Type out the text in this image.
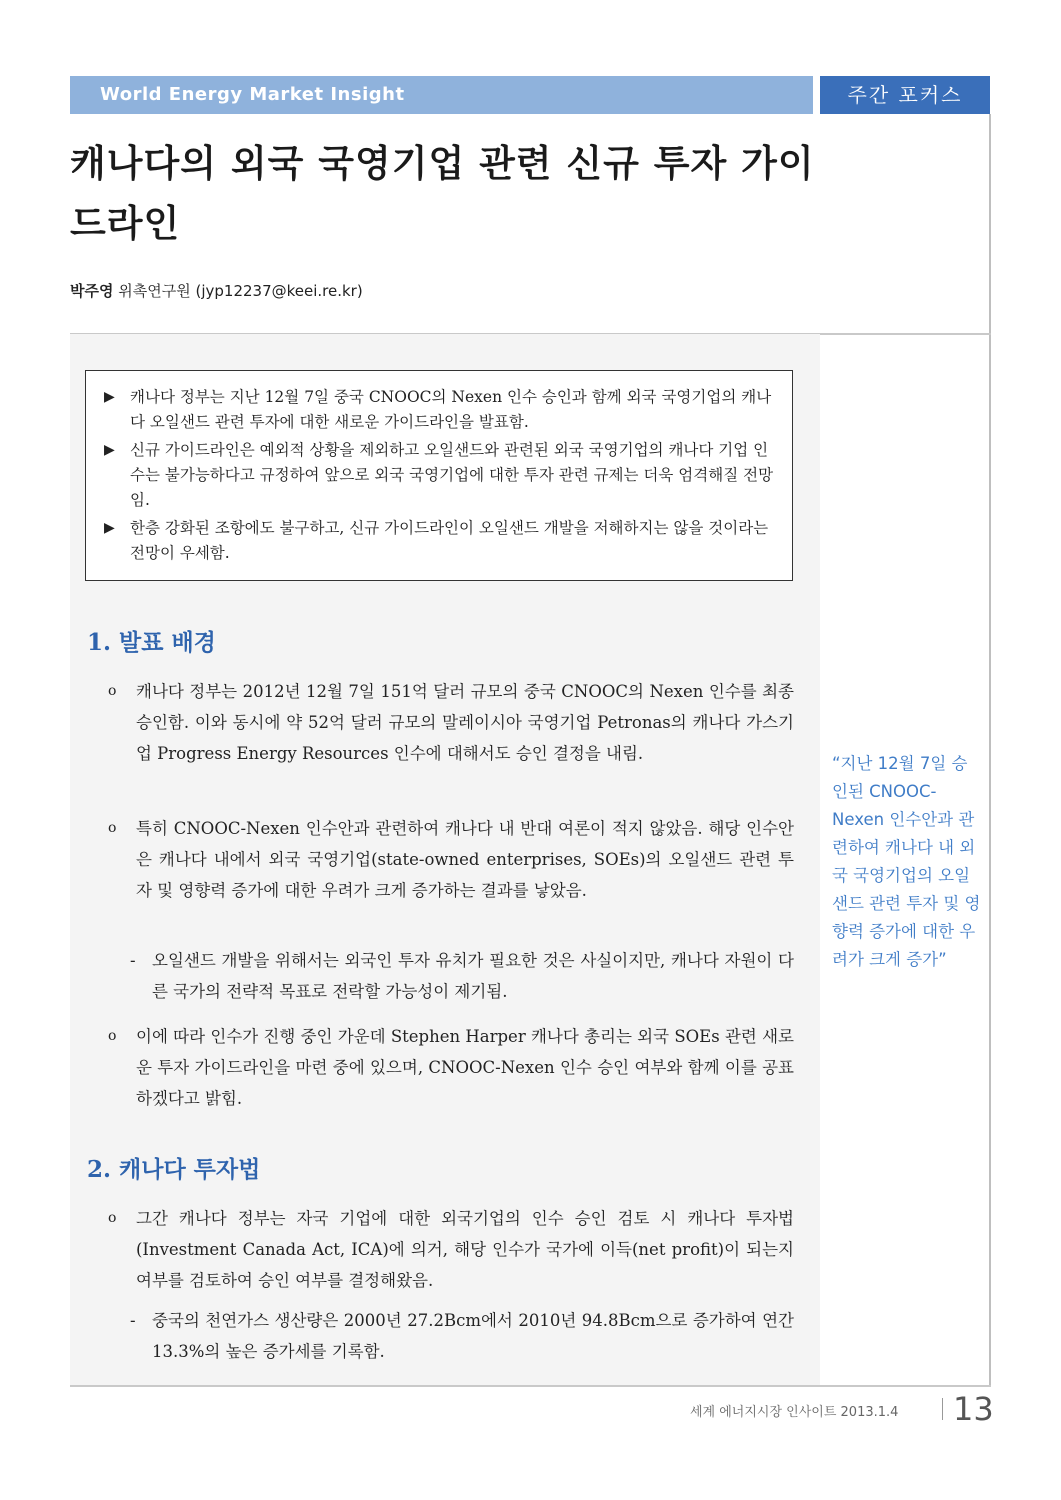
World Energy Market Insight	주간 포커스
캐나다의 외국 국영기업 관련 신규 투자 가이드라인
박주영 위촉연구원 (jyp12237@keei.re.kr)
▶ 캐나다 정부는 지난 12월 7일 중국 CNOOC의 Nexen 인수 승인과 함께 외국 국영기업의 캐나다 오일샌드 관련 투자에 대한 새로운 가이드라인을 발표함.
▶ 신규 가이드라인은 예외적 상황을 제외하고 오일샌드와 관련된 외국 국영기업의 캐나다 기업 인수는 불가능하다고 규정하여 앞으로 외국 국영기업에 대한 투자 관련 규제는 더욱 엄격해질 전망임.
▶ 한층 강화된 조항에도 불구하고, 신규 가이드라인이 오일샌드 개발을 저해하지는 않을 것이라는 전망이 우세함.
1. 발표 배경
o 캐나다 정부는 2012년 12월 7일 151억 달러 규모의 중국 CNOOC의 Nexen 인수를 최종 승인함. 이와 동시에 약 52억 달러 규모의 말레이시아 국영기업 Petronas의 캐나다 가스기업 Progress Energy Resources 인수에 대해서도 승인 결정을 내림.
o 특히 CNOOC-Nexen 인수안과 관련하여 캐나다 내 반대 여론이 적지 않았음. 해당 인수안은 캐나다 내에서 외국 국영기업(state-owned enterprises, SOEs)의 오일샌드 관련 투자 및 영향력 증가에 대한 우려가 크게 증가하는 결과를 낳았음.
- 오일샌드 개발을 위해서는 외국인 투자 유치가 필요한 것은 사실이지만, 캐나다 자원이 다른 국가의 전략적 목표로 전락할 가능성이 제기됨.
o 이에 따라 인수가 진행 중인 가운데 Stephen Harper 캐나다 총리는 외국 SOEs 관련 새로운 투자 가이드라인을 마련 중에 있으며, CNOOC-Nexen 인수 승인 여부와 함께 이를 공표하겠다고 밝힘.
2. 캐나다 투자법
o 그간 캐나다 정부는 자국 기업에 대한 외국기업의 인수 승인 검토 시 캐나다 투자법(Investment Canada Act, ICA)에 의거, 해당 인수가 국가에 이득(net profit)이 되는지 여부를 검토하여 승인 여부를 결정해왔음.
- 중국의 천연가스 생산량은 2000년 27.2Bcm에서 2010년 94.8Bcm으로 증가하여 연간 13.3%의 높은 증가세를 기록함.
“지난 12월 7일 승인된 CNOOC-Nexen 인수안과 관련하여 캐나다 내 외국 국영기업의 오일샌드 관련 투자 및 영향력 증가에 대한 우려가 크게 증가”
세계 에너지시장 인사이트 2013.1.4 13
